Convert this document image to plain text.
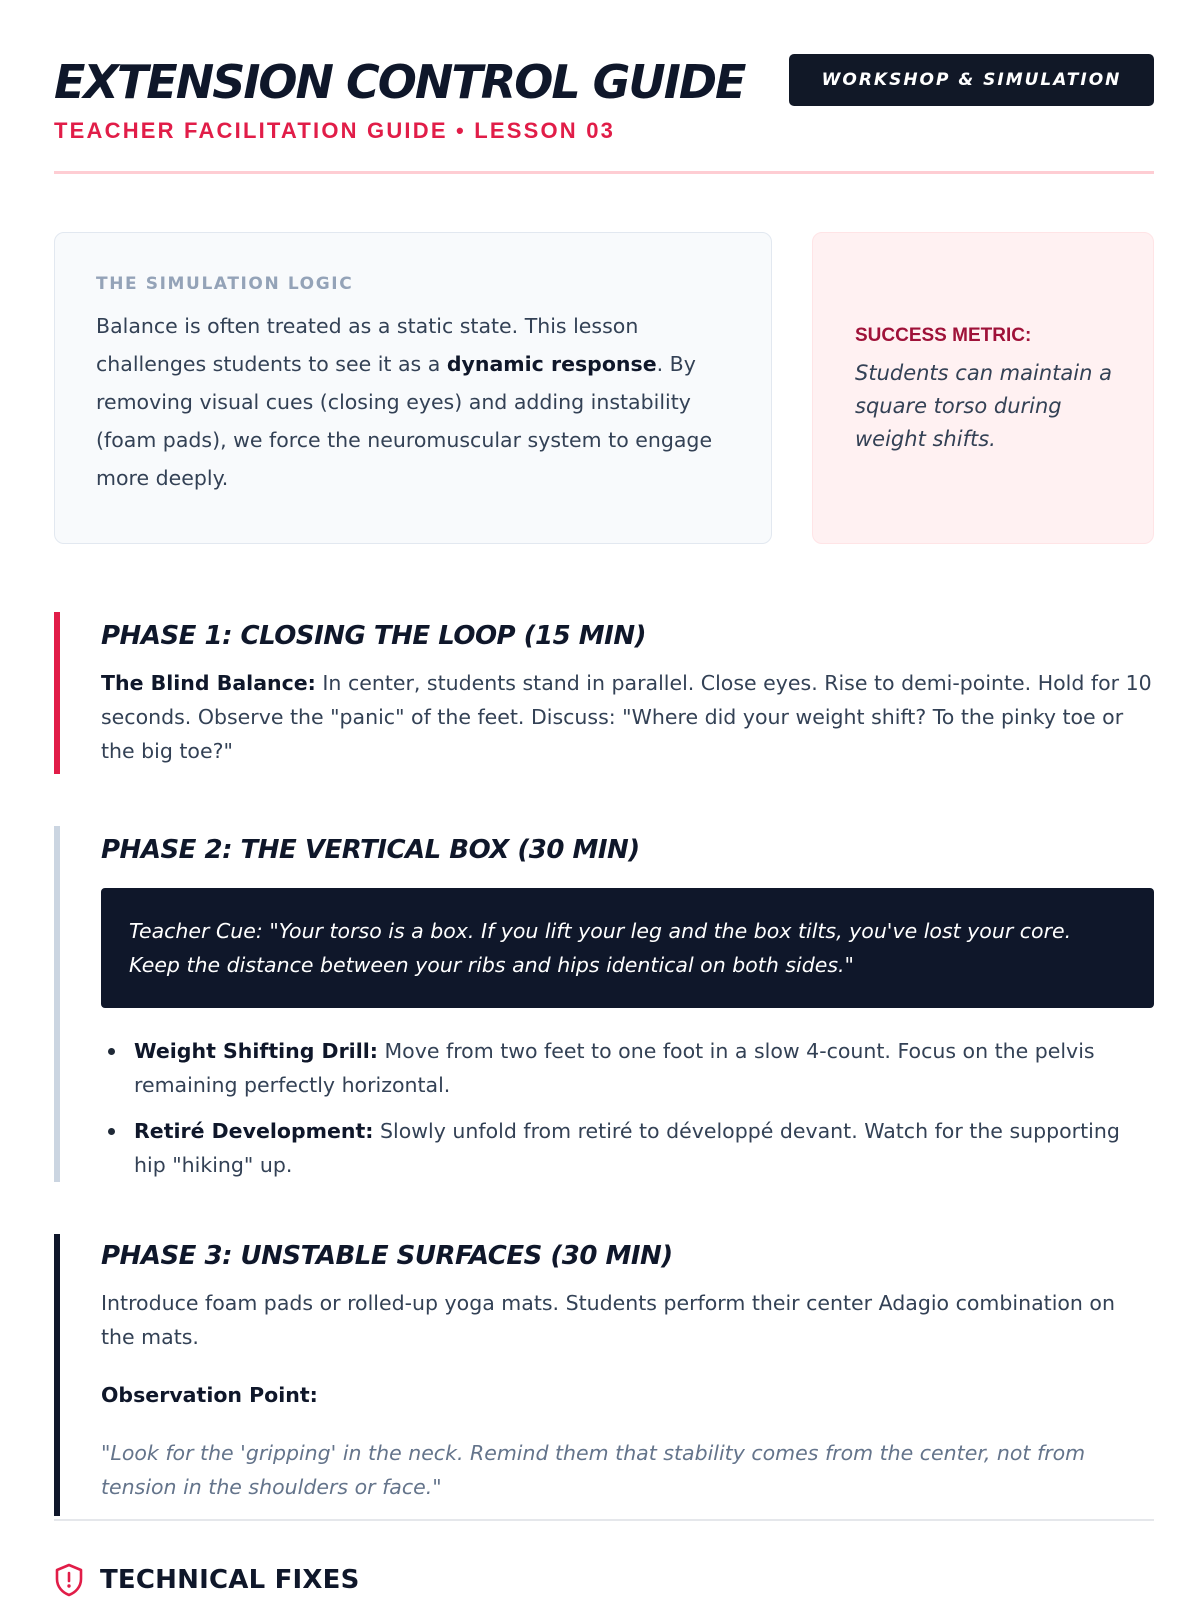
EXTENSION CONTROL GUIDE	WORKSHOP & SIMULATION
TEACHER FACILITATION GUIDE • LESSON 03
THE SIMULATION LOGIC

Balance is often treated as a static state. This lesson challenges students to see it as a dynamic response. By removing visual cues (closing eyes) and adding instability (foam pads), we force the neuromuscular system to engage more deeply.

SUCCESS METRIC:

Students can maintain a square torso during weight shifts.

PHASE 1: CLOSING THE LOOP (15 MIN)

The Blind Balance: In center, students stand in parallel. Close eyes. Rise to demi-pointe. Hold for 10 seconds. Observe the "panic" of the feet. Discuss: "Where did your weight shift? To the pinky toe or the big toe?"

PHASE 2: THE VERTICAL BOX (30 MIN)
Teacher Cue: "Your torso is a box. If you lift your leg and the box tilts, you've lost your core. Keep the distance between your ribs and hips identical on both sides."
Weight Shifting Drill: Move from two feet to one foot in a slow 4-count. Focus on the pelvis remaining perfectly horizontal.
Retiré Development: Slowly unfold from retiré to développé devant. Watch for the supporting hip "hiking" up.
PHASE 3: UNSTABLE SURFACES (30 MIN)

Introduce foam pads or rolled-up yoga mats. Students perform their center Adagio combination on the mats.

Observation Point:

"Look for the 'gripping' in the neck. Remind them that stability comes from the center, not from tension in the shoulders or face."

TECHNICAL FIXES
